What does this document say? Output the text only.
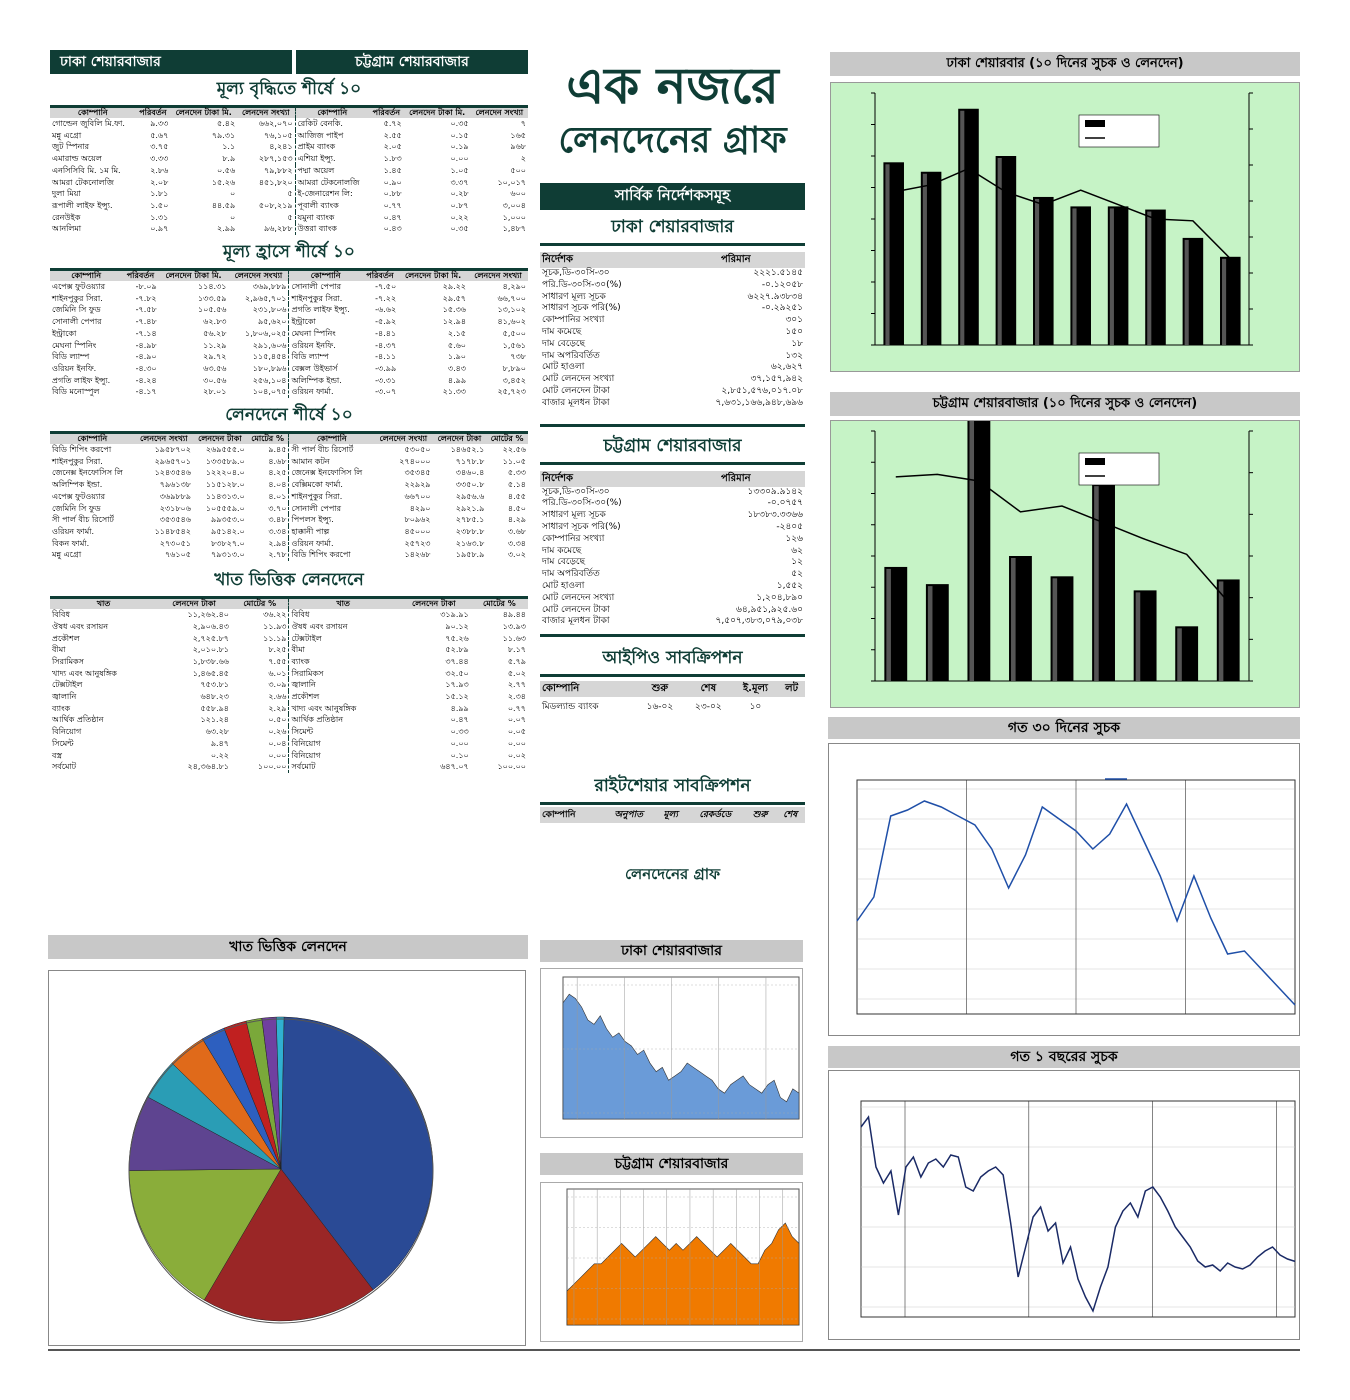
ঢাকা শেয়ারবাজার	চট্টগ্রাম শেয়ারবাজার
মূল্য বৃদ্ধিতে শীর্ষে ১০
কোম্পানি	পরিবর্তন	লেনদেন টাকা মি.	লেনদেন সংখ্যা	কোম্পানি	পরিবর্তন	লেনদেন টাকা মি.	লেনদেন সংখ্যা
গোল্ডেন জুবিলি মি.ফা.	৯.৩৩	৫.৪২	৬৬২,০৭০	রেকিট বেনকি.	৫.৭২	০.৩৫	৭
মন্নু এগ্রো	৫.৬৭	৭৯.৩১	৭৬,১০৫	আজিজ পাইপ	২.৫৫	০.১৫	১৬৫
জুট স্পিনার	৩.৭৫	১.১	৪,২৪১	প্রাইম ব্যাংক	২.০৫	০.১৯	৯৬৮
এমারাল্ড অয়েল	৩.৩৩	৮.৯	২৮৭,১৫৩	এশিয়া ইন্স্যু.	১.৮৩	০.০০	২
এনসিসিবি মি. ১ম মি.	২.৮৬	০.৫৬	৭৯,৮৮২	পদ্মা অয়েল	১.৪৫	১.০৫	৫০০
আমরা টেকনোলজি	২.০৮	১৫.২৬	৪৫১,৮২০	আমরা টেকনোলজি	০.৯০	৩.৩৭	১০,০১৭
দুলা মিয়া	১.৮১	০	৫	ই-জেনারেশন লি:	০.৮৮	০.২৮	৬০০
রূপালী লাইফ ইন্স্যু.	১.৫০	৪৪.৫৯	৫০৮,২১৯	পূবালী ব্যাংক	০.৭৭	০.৮৭	৩,০০৪
রেনউইক	১.৩১	০	৫	যমুনা ব্যাংক	০.৪৭	০.২২	১,০০০
আনলিমা	০.৯৭	২.৯৯	৯৬,২৮৮	উত্তরা ব্যাংক	০.৪৩	০.৩৫	১,৪৮৭
মূল্য হ্রাসে শীর্ষে ১০
কোম্পানি	পরিবর্তন	লেনদেন টাকা মি.	লেনদেন সংখ্যা	কোম্পানি	পরিবর্তন	লেনদেন টাকা মি.	লেনদেন সংখ্যা
এপেক্স ফুটওয়্যার	-৮.০৯	১১৪.৩১	৩৬৯,৮৮৯	সোনালী পেপার	-৭.৫০	২৯.২২	৪,২৯০
শাইনপুকুর সিরা.	-৭.৮২	১৩৩.৫৯	২,৯৬৫,৭০১	শাইনপুকুর সিরা.	-৭.২২	২৯.৫৭	৬৬,৭০০
জেমিনি সি ফুড	-৭.৫৮	১০৫.৫৬	২৩১,৮০৬	প্রগতি লাইফ ইন্স্যু.	-৬.৬২	১৫.৩৬	১৩,১০২
সোনালী পেপার	-৭.৪৮	৬২.৮৩	৯৫,৬২০	ইন্ট্রাকো	-৫.৯২	১২.৯৪	৪১,৬০২
ইন্ট্রাকো	-৭.১৪	৫৬.২৮	১,৮০৬,০২৫	মেঘনা স্পিনিং	-৪.৪১	২.১৫	৫,৫০০
মেঘনা স্পিনিং	-৪.৯৮	১১.২৯	২৯১,৬০৬	ওরিয়ন ইনফি.	-৪.৩৭	৫.৬০	১,৫৬১
বিডি ল্যাম্প	-৪.৯০	২৯.৭২	১১৫,৪৫৪	বিডি ল্যাম্প	-৪.১১	১.৯০	৭৩৮
ওরিয়ন ইনফি.	-৪.৩০	৬৩.৫৬	১৮০,৮৯৬	বেক্সল উইভার্স	-৩.৯৯	৩.৪৩	৮,৮৯০
প্রগতি লাইফ ইন্স্যু.	-৪.২৪	৩০.৫৬	২৫৬,১০৪	অলিম্পিক ইন্ডা.	-৩.৩১	৪.৯৯	৩,৪৫২
বিডি মনোস্পুল	-৪.১৭	২৮.০১	১০৪,০৭৫	ওরিয়ন ফার্মা.	-৩.০৭	২১.৩৩	২৫,৭২৩
লেনদেনে শীর্ষে ১০
কোম্পানি	লেনদেন সংখ্যা	লেনদেন টাকা	মোটের %	কোম্পানি	লেনদেন সংখ্যা	লেনদেন টাকা	মোটের %
বিডি শিপিং করপো	১৯৫৮৭০২	২৬৯৫৫৫.০	৯.৪৫	সী পার্ল বীচ রিসোর্ট	৫৩০৫০	১৪৬৫২.১	২২.৫৬
শাইনপুকুর সিরা.	২৯৬৫৭০১	১৩৩৫৮৯.০	৪.৬৮	আমান কটন	২৭৪০০০	৭১৭৮.৮	১১.০৫
জেনেক্স ইনফোসিস লি	১২৪৩৫৪৬	১২২২০৪.০	৪.২৫	জেনেক্স ইনফোসিস লি	৩৫৩৪৫	৩৪৬০.৪	৫.৩৩
অলিম্পিক ইন্ডা.	৭৯৬১৩৮	১১৫১২৮.০	৪.০৪	বেক্সিমকো ফার্মা.	২২৯২৯	৩৩৫০.৮	৫.১৪
এপেক্স ফুটওয়্যার	৩৬৯৮৮৯	১১৪৩১৩.০	৪.০১	শাইনপুকুর সিরা.	৬৬৭০০	২৯৫৬.৬	৪.৫৫
জেমিনি সি ফুড	২৩১৮০৬	১০৫৫৫৯.০	৩.৭০	সোনালী পেপার	৪২৯০	২৯২১.৯	৪.৫০
সী পার্ল বীচ রিসোর্ট	৩৫৩৫৪৬	৯৯৩৫৩.০	৩.৪৮	পিপলস ইন্স্যু.	৮০৯৬২	২৭৮৫.১	৪.২৯
ওরিয়ন ফার্মা.	১১৪৮৫৪২	৯৫১৪২.০	৩.৩৪	হাক্কানী পাল্প	৪৫০০০	২৩৮৮.৮	৩.৬৮
বিকন ফার্মা.	২৭৩০৫১	৮৩৮২৭.০	২.৯৪	ওরিয়ন ফার্মা.	২৫৭২৩	২১৬৩.৮	৩.৩৪
মন্নু এগ্রো	৭৬১০৫	৭৯৩১৩.০	২.৭৮	বিডি শিপিং করপো	১৪২৬৮	১৯৫৮.৯	৩.০২
খাত ভিত্তিক লেনদেনে
খাত	লেনদেন টাকা	মোটের %	খাত	লেনদেন টাকা	মোটের %
বিবিধ	১১,২৬২.৪০	৩৬.২২	বিবিধ	৩১৯.৯১	৪৯.৪৪
ঔষধ এবং রসায়ন	২,৯০৬.৪৩	১১.৯৩	ঔষধ এবং রসায়ন	৯০.১২	১৩.৯৩
প্রকৌশল	২,৭২৫.৮৭	১১.১৯	টেক্সটাইল	৭৫.২৬	১১.৬৩
বীমা	২,০১০.৮১	৮.২৫	বীমা	৫২.৮৯	৮.১৭
সিরামিকস	১,৮৩৮.৬৬	৭.৫৫	ব্যাংক	৩৭.৪৪	৫.৭৯
খাদ্য এবং আনুষঙ্গিক	১,৪৬৫.৪৫	৬.০১	সিরামিকস	৩২.৫০	৫.০২
টেক্সটাইল	৭৫৩.৮১	৩.০৯	জ্বালানি	১৭.৯৩	২.৭৭
জ্বালানি	৬৪৮.২৩	২.৬৬	প্রকৌশল	১৫.১২	২.৩৪
ব্যাংক	৫৫৮.৯৪	২.২৯	খাদ্য এবং আনুষঙ্গিক	৪.৯৯	০.৭৭
আর্থিক প্রতিষ্ঠান	১২১.২৪	০.৫০	আর্থিক প্রতিষ্ঠান	০.৪৭	০.০৭
বিনিয়োগ	৬৩.২৮	০.২৬	সিমেন্ট	০.৩৩	০.০৫
সিমেন্ট	৯.৪৭	০.০৪	বিনিয়োগ	০.০০	০.০০
বস্ত্র	০.২২	০.০০	বিনিয়োগ	০.১০	০.০২
সর্বমোট	২৪,৩৬৪.৮১	১০০.০০	সর্বমোট	৬৪৭.০৭	১০০.০০
খাত ভিত্তিক লেনদেন
এক নজরে
লেনদেনের গ্রাফ
সার্বিক নির্দেশকসমূহ
ঢাকা শেয়ারবাজার
নির্দেশক	পরিমান
সূচক,ডি-৩০সি-৩০	২২২১.৫১৪৫
পরি.ডি-৩০সি-৩০(%)	-০.১২০৫৮
সাধারণ মূল্য সূচক	৬২২৭.৯৩৮৩৪
সাধারণ সূচক পরি(%)	-০.২৯২৫১
কোম্পানির সংখ্যা	৩০১
দাম কমেছে	১৫০
দাম বেড়েছে	১৮
দাম অপরিবর্তিত	১৩২
মোট হাওলা	৬২,৬২৭
মোট লেনদেন সংখ্যা	৩৭,১৫৭,৯৪২
মোট লেনদেন টাকা	২,৮৫১,৫৭৬,০১৭.০৮
বাজার মূলধন টাকা	৭,৬৩১,১৬৬,৯৪৮,৬৯৬
চট্টগ্রাম শেয়ারবাজার
নির্দেশক	পরিমান
সূচক,ডি-৩০সি-৩০	১৩৩০৯.৯১৪২
পরি.ডি-৩০সি-৩০(%)	-০.০৭৫৭
সাধারণ মূল্য সূচক	১৮৩৮৩.৩৩৬৬
সাধারণ সূচক পরি(%)	-২৪০৫
কোম্পানির সংখ্যা	১২৬
দাম কমেছে	৬২
দাম বেড়েছে	১২
দাম অপরিবর্তিত	৫২
মোট হাওলা	১,৫৫২
মোট লেনদেন সংখ্যা	১,২০৪,৮৯০
মোট লেনদেন টাকা	৬৪,৯৫১,৯২৫.৬০
বাজার মূলধন টাকা	৭,৫০৭,৩৮৩,০৭৯,০৩৮
আইপিও সাবক্রিপশন
কোম্পানি	শুরু	শেষ	ই.মূল্য	লট
মিডল্যান্ড ব্যাংক	১৬-০২	২৩-০২	১০	
রাইটশেয়ার সাবক্রিপশন
কোম্পানি	অনুপাত	মূল্য	রেকর্ডডে	শুরু	শেষ
লেনদেনের গ্রাফ
ঢাকা শেয়ারবাজার
চট্টগ্রাম শেয়ারবাজার
ঢাকা শেয়ারবার (১০ দিনের সুচক ও লেনদেন)
চট্টগ্রাম শেয়ারবাজার (১০ দিনের সুচক ও লেনদেন)
গত ৩০ দিনের সুচক
গত ১ বছরের সুচক
